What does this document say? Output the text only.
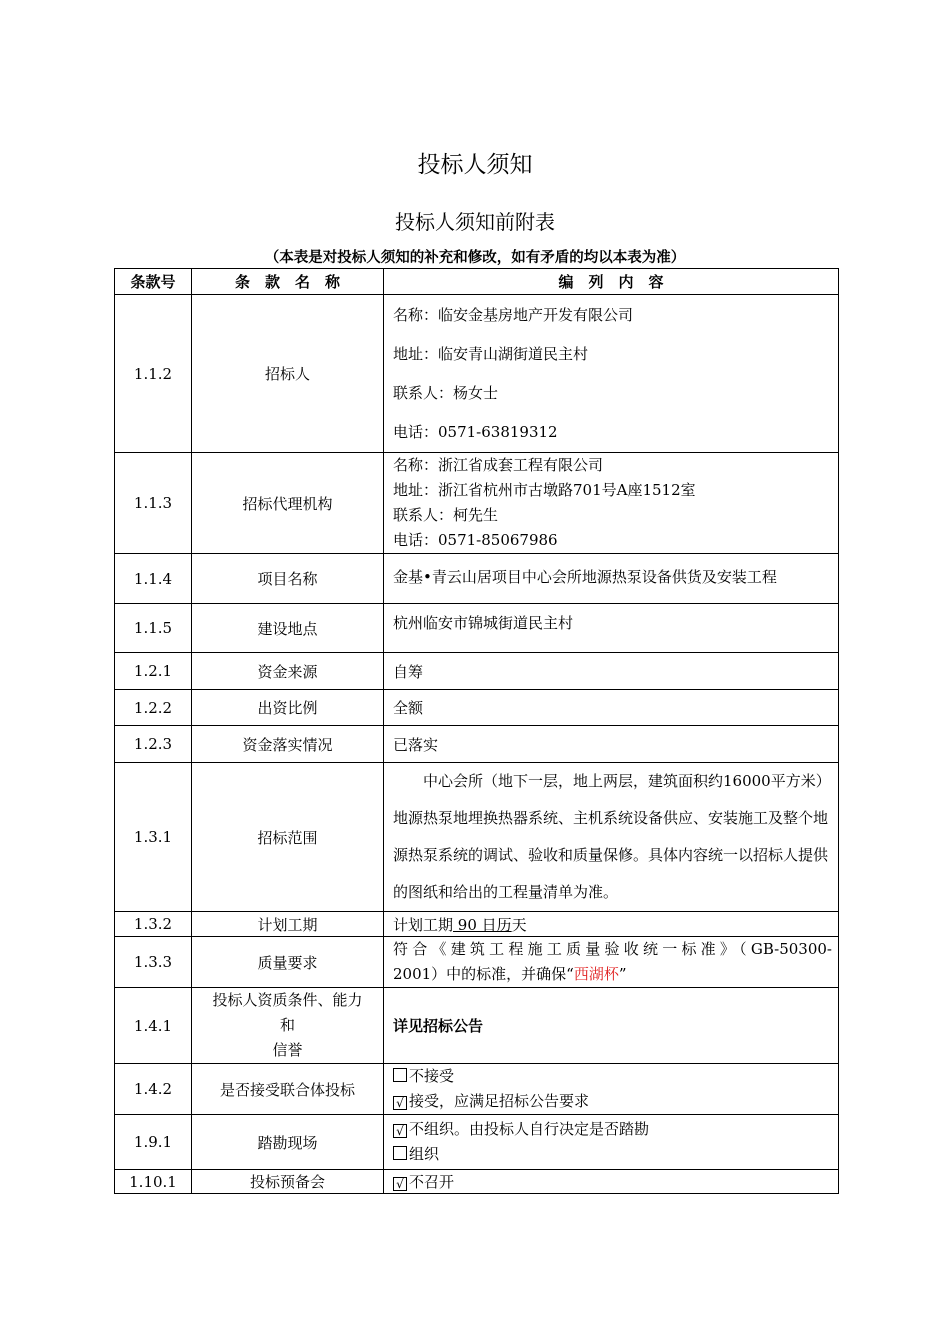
投标人须知
投标人须知前附表
（本表是对投标人须知的补充和修改，如有矛盾的均以本表为准）
条款号	条　款　名　称	编　列　内　容
1.1.2	招标人	名称：临安金基房地产开发有限公司
地址：临安青山湖街道民主村
联系人：杨女士
电话：0571-63819312

1.1.3	招标代理机构	名称：浙江省成套工程有限公司
地址：浙江省杭州市古墩路701号A座1512室
联系人：柯先生
电话：0571-85067986

1.1.4	项目名称	金基•青云山居项目中心会所地源热泵设备供货及安装工程
1.1.5	建设地点	杭州临安市锦城街道民主村
1.2.1	资金来源	自筹
1.2.2	出资比例	全额
1.2.3	资金落实情况	已落实
1.3.1	招标范围	中心会所（地下一层，地上两层，建筑面积约16000平方米）地源热泵地埋换热器系统、主机系统设备供应、安装施工及整个地源热泵系统的调试、验收和质量保修。具体内容统一以招标人提供的图纸和给出的工程量清单为准。

1.3.2	计划工期	计划工期 90 日历天
1.3.3	质量要求	符合《建筑工程施工质量验收统一标准》（GB-50300-
2001）中的标准，并确保“西湖杯”

1.4.1	投标人资质条件、能力
和
信誉	详见招标公告
1.4.2	是否接受联合体投标	不接受
√ 接受，应满足招标公告要求

1.9.1	踏勘现场	√ 不组织。由投标人自行决定是否踏勘
组织

1.10.1	投标预备会	√ 不召开
